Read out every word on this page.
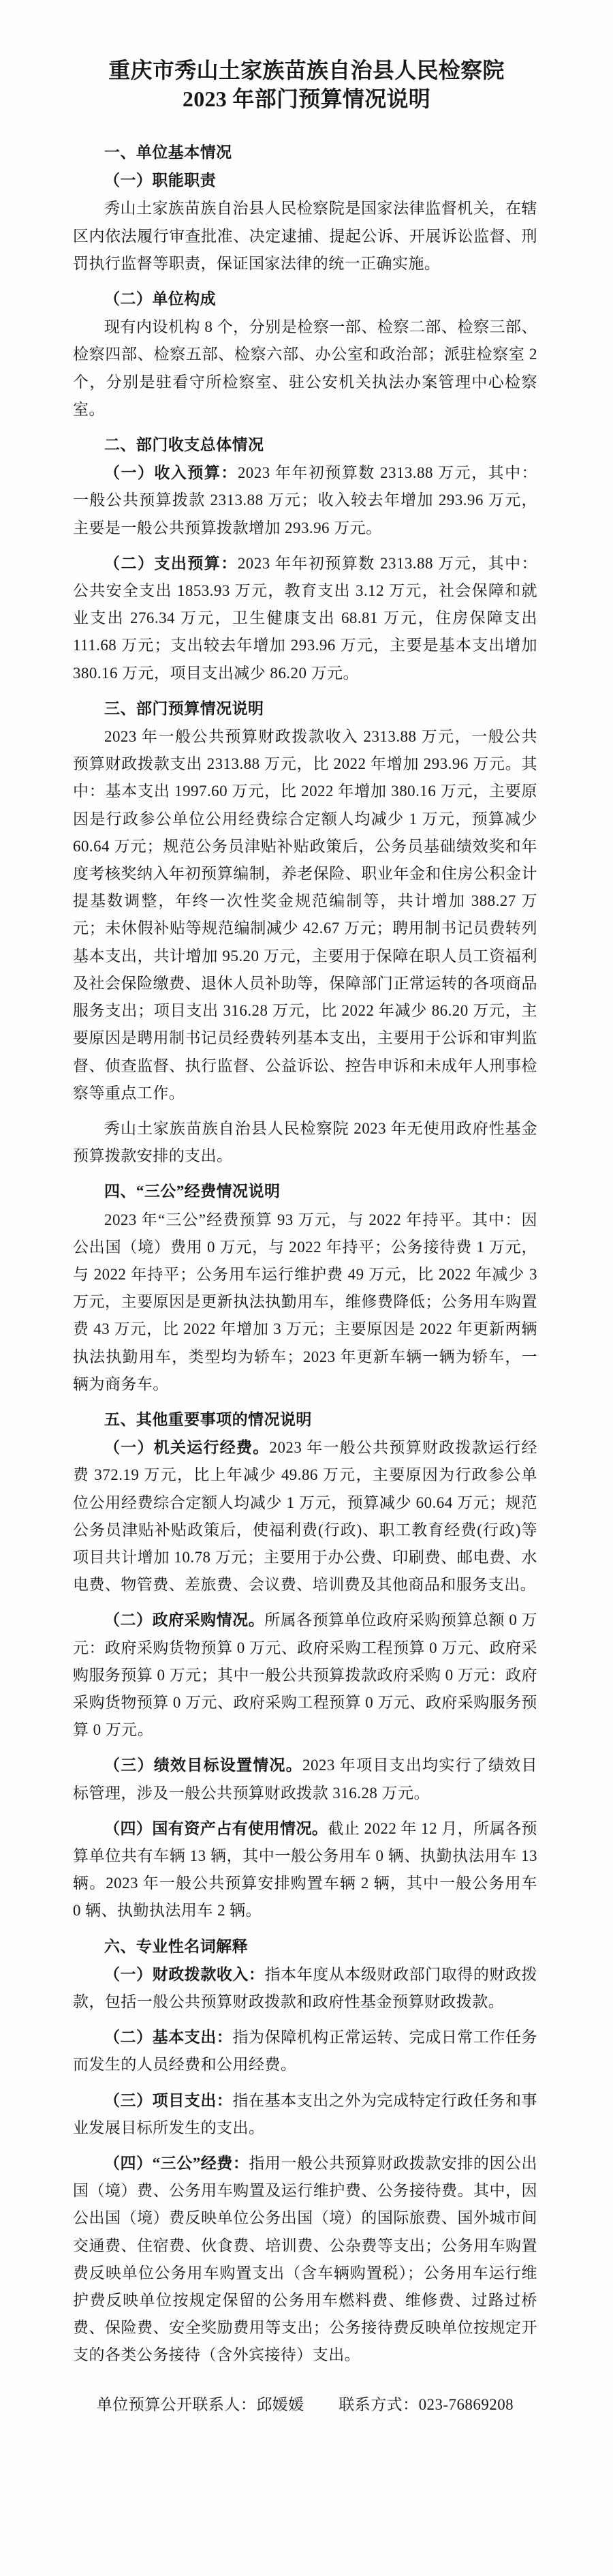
重庆市秀山土家族苗族自治县人民检察院
2023 年部门预算情况说明

一、单位基本情况

（一）职能职责

秀山土家族苗族自治县人民检察院是国家法律监督机关，在辖区内依法履行审查批准、决定逮捕、提起公诉、开展诉讼监督、刑罚执行监督等职责，保证国家法律的统一正确实施。

（二）单位构成

现有内设机构 8 个，分别是检察一部、检察二部、检察三部、检察四部、检察五部、检察六部、办公室和政治部；派驻检察室 2 个，分别是驻看守所检察室、驻公安机关执法办案管理中心检察室。

二、部门收支总体情况

（一）收入预算：2023 年年初预算数 2313.88 万元，其中：一般公共预算拨款 2313.88 万元；收入较去年增加 293.96 万元，主要是一般公共预算拨款增加 293.96 万元。

（二）支出预算：2023 年年初预算数 2313.88 万元，其中：公共安全支出 1853.93 万元，教育支出 3.12 万元，社会保障和就业支出 276.34 万元，卫生健康支出 68.81 万元，住房保障支出 111.68 万元；支出较去年增加 293.96 万元，主要是基本支出增加 380.16 万元，项目支出减少 86.20 万元。

三、部门预算情况说明

2023 年一般公共预算财政拨款收入 2313.88 万元，一般公共预算财政拨款支出 2313.88 万元，比 2022 年增加 293.96 万元。其中：基本支出 1997.60 万元，比 2022 年增加 380.16 万元，主要原因是行政参公单位公用经费综合定额人均减少 1 万元，预算减少 60.64 万元；规范公务员津贴补贴政策后，公务员基础绩效奖和年度考核奖纳入年初预算编制，养老保险、职业年金和住房公积金计提基数调整，年终一次性奖金规范编制等，共计增加 388.27 万元；未休假补贴等规范编制减少 42.67 万元；聘用制书记员费转列基本支出，共计增加 95.20 万元，主要用于保障在职人员工资福利及社会保险缴费、退休人员补助等，保障部门正常运转的各项商品服务支出；项目支出 316.28 万元，比 2022 年减少 86.20 万元，主要原因是聘用制书记员经费转列基本支出，主要用于公诉和审判监督、侦查监督、执行监督、公益诉讼、控告申诉和未成年人刑事检察等重点工作。

秀山土家族苗族自治县人民检察院 2023 年无使用政府性基金预算拨款安排的支出。

四、“三公”经费情况说明

2023 年“三公”经费预算 93 万元，与 2022 年持平。其中：因公出国（境）费用 0 万元，与 2022 年持平；公务接待费 1 万元，与 2022 年持平；公务用车运行维护费 49 万元，比 2022 年减少 3 万元，主要原因是更新执法执勤用车，维修费降低；公务用车购置费 43 万元，比 2022 年增加 3 万元；主要原因是 2022 年更新两辆执法执勤用车，类型均为轿车；2023 年更新车辆一辆为轿车，一辆为商务车。

五、其他重要事项的情况说明

（一）机关运行经费。2023 年一般公共预算财政拨款运行经费 372.19 万元，比上年减少 49.86 万元，主要原因为行政参公单位公用经费综合定额人均减少 1 万元，预算减少 60.64 万元；规范公务员津贴补贴政策后，使福利费(行政)、职工教育经费(行政)等项目共计增加 10.78 万元；主要用于办公费、印刷费、邮电费、水电费、物管费、差旅费、会议费、培训费及其他商品和服务支出。

（二）政府采购情况。所属各预算单位政府采购预算总额 0 万元：政府采购货物预算 0 万元、政府采购工程预算 0 万元、政府采购服务预算 0 万元；其中一般公共预算拨款政府采购 0 万元：政府采购货物预算 0 万元、政府采购工程预算 0 万元、政府采购服务预算 0 万元。

（三）绩效目标设置情况。2023 年项目支出均实行了绩效目标管理，涉及一般公共预算财政拨款 316.28 万元。

（四）国有资产占有使用情况。截止 2022 年 12 月，所属各预算单位共有车辆 13 辆，其中一般公务用车 0 辆、执勤执法用车 13 辆。2023 年一般公共预算安排购置车辆 2 辆，其中一般公务用车 0 辆、执勤执法用车 2 辆。

六、专业性名词解释

（一）财政拨款收入：指本年度从本级财政部门取得的财政拨款，包括一般公共预算财政拨款和政府性基金预算财政拨款。

（二）基本支出：指为保障机构正常运转、完成日常工作任务而发生的人员经费和公用经费。

（三）项目支出：指在基本支出之外为完成特定行政任务和事业发展目标所发生的支出。

（四）“三公”经费：指用一般公共预算财政拨款安排的因公出国（境）费、公务用车购置及运行维护费、公务接待费。其中，因公出国（境）费反映单位公务出国（境）的国际旅费、国外城市间交通费、住宿费、伙食费、培训费、公杂费等支出；公务用车购置费反映单位公务用车购置支出（含车辆购置税）；公务用车运行维护费反映单位按规定保留的公务用车燃料费、维修费、过路过桥费、保险费、安全奖励费用等支出；公务接待费反映单位按规定开支的各类公务接待（含外宾接待）支出。

单位预算公开联系人：邱媛媛 联系方式：023-76869208
